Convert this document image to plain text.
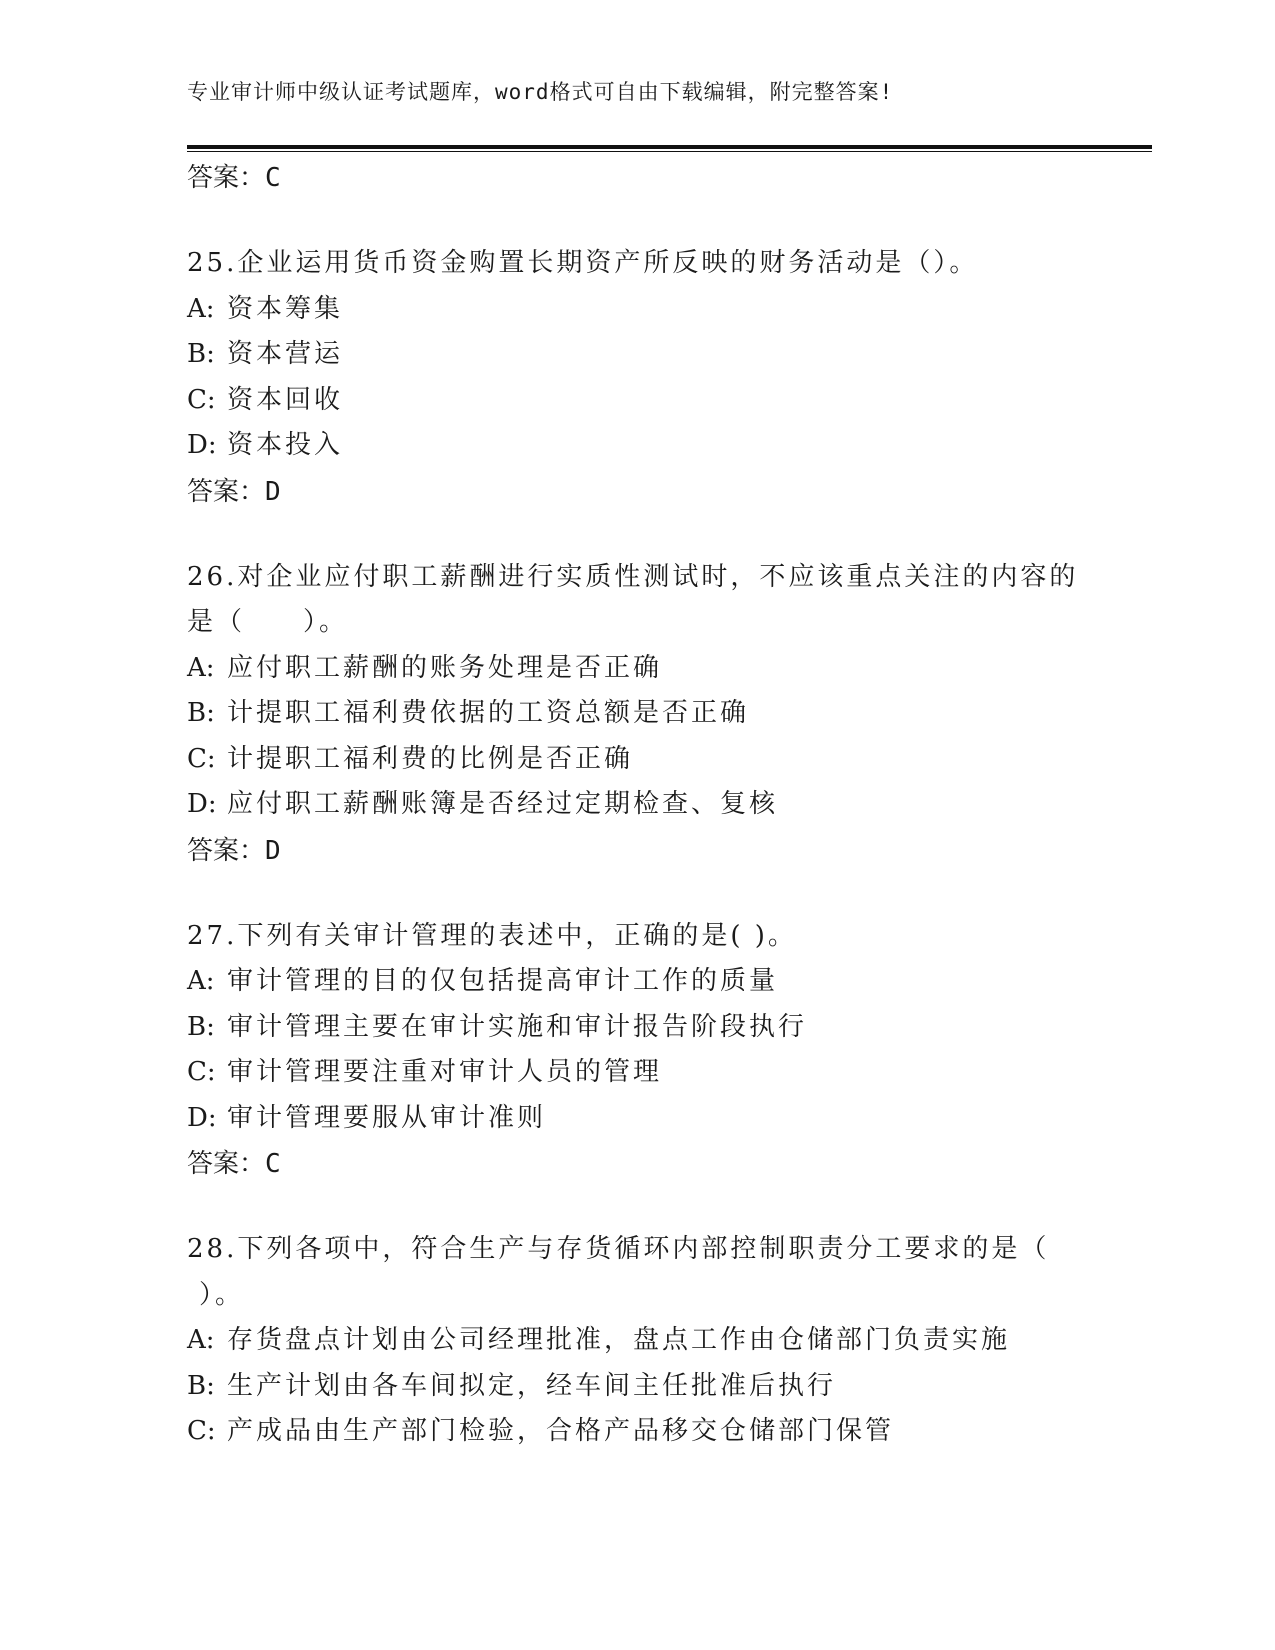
专业审计师中级认证考试题库，word格式可自由下载编辑，附完整答案!
答案：C
25.企业运用货币资金购置长期资产所反映的财务活动是（）。
A: 资本筹集
B: 资本营运
C: 资本回收
D: 资本投入
答案：D
26.对企业应付职工薪酬进行实质性测试时，不应该重点关注的内容的
是（　　）。
A: 应付职工薪酬的账务处理是否正确
B: 计提职工福利费依据的工资总额是否正确
C: 计提职工福利费的比例是否正确
D: 应付职工薪酬账簿是否经过定期检查、复核
答案：D
27.下列有关审计管理的表述中，正确的是( )。
A: 审计管理的目的仅包括提高审计工作的质量
B: 审计管理主要在审计实施和审计报告阶段执行
C: 审计管理要注重对审计人员的管理
D: 审计管理要服从审计准则
答案：C
28.下列各项中，符合生产与存货循环内部控制职责分工要求的是（
）。
A: 存货盘点计划由公司经理批准，盘点工作由仓储部门负责实施
B: 生产计划由各车间拟定，经车间主任批准后执行
C: 产成品由生产部门检验，合格产品移交仓储部门保管
